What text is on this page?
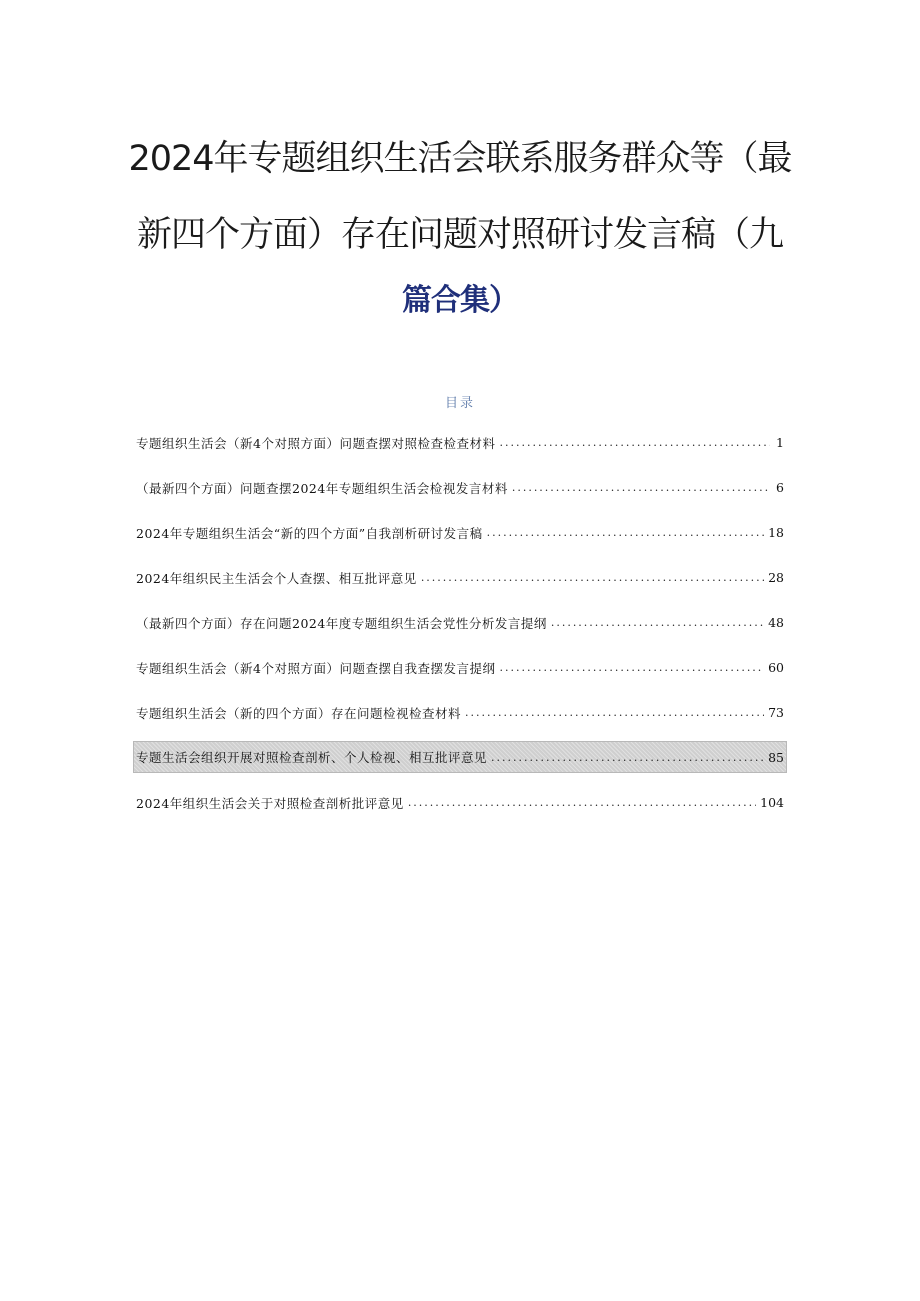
2024年专题组织生活会联系服务群众等（最
新四个方面）存在问题对照研讨发言稿（九
篇合集）
目录
专题组织生活会（新4个对照方面）问题查摆对照检查检查材料 .....	1
（最新四个方面）问题查摆2024年专题组织生活会检视发言材料 .....	6
2024年专题组织生活会“新的四个方面”自我剖析研讨发言稿 .....	18
2024年组织民主生活会个人查摆、相互批评意见 .....	28
（最新四个方面）存在问题2024年度专题组织生活会党性分析发言提纲 .....	48
专题组织生活会（新4个对照方面）问题查摆自我查摆发言提纲 .....	60
专题组织生活会（新的四个方面）存在问题检视检查材料 .....	73
专题生活会组织开展对照检查剖析、个人检视、相互批评意见 .....	85
2024年组织生活会关于对照检查剖析批评意见 .....	104
